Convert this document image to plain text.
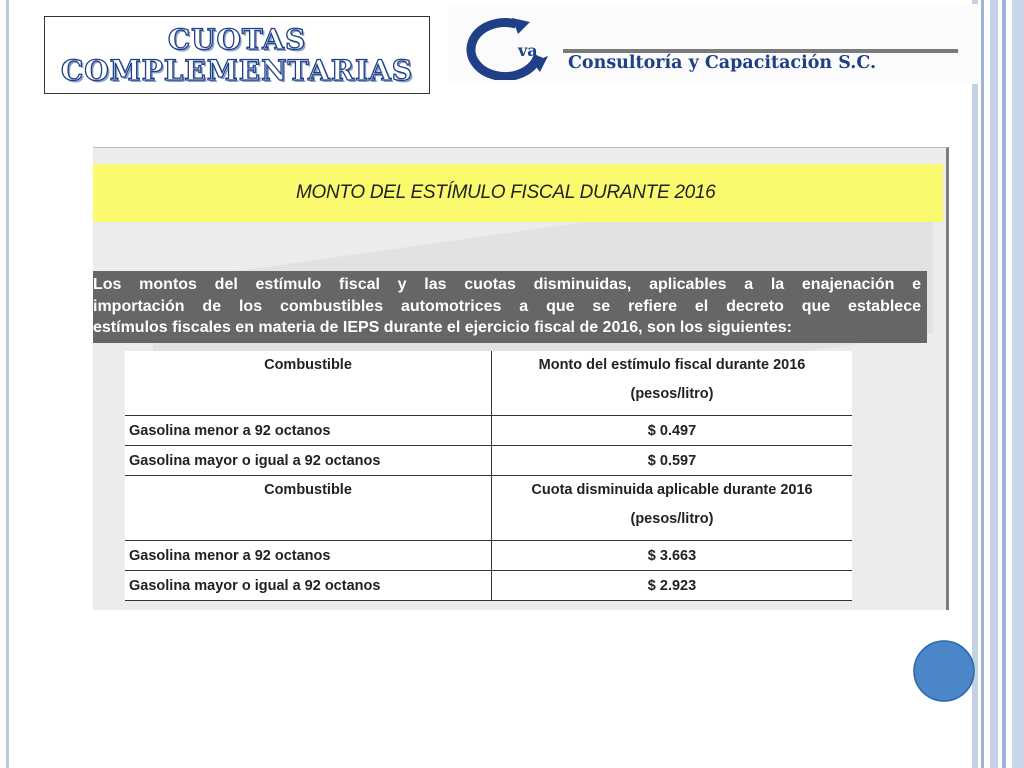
CUOTAS
COMPLEMENTARIAS
va
Consultoría y Capacitación S.C.
MONTO DEL ESTÍMULO FISCAL DURANTE 2016
Los montos del estímulo fiscal y las cuotas disminuidas, aplicables a la enajenación e
importación de los combustibles automotrices a que se refiere el decreto que establece
estímulos fiscales en materia de IEPS durante el ejercicio fiscal de 2016, son los siguientes:
Combustible	Monto del estímulo fiscal durante 2016
(pesos/litro)

Gasolina menor a 92 octanos	$ 0.497
Gasolina mayor o igual a 92 octanos	$ 0.597
Combustible	Cuota disminuida aplicable durante 2016
(pesos/litro)

Gasolina menor a 92 octanos	$ 3.663
Gasolina mayor o igual a 92 octanos	$ 2.923
